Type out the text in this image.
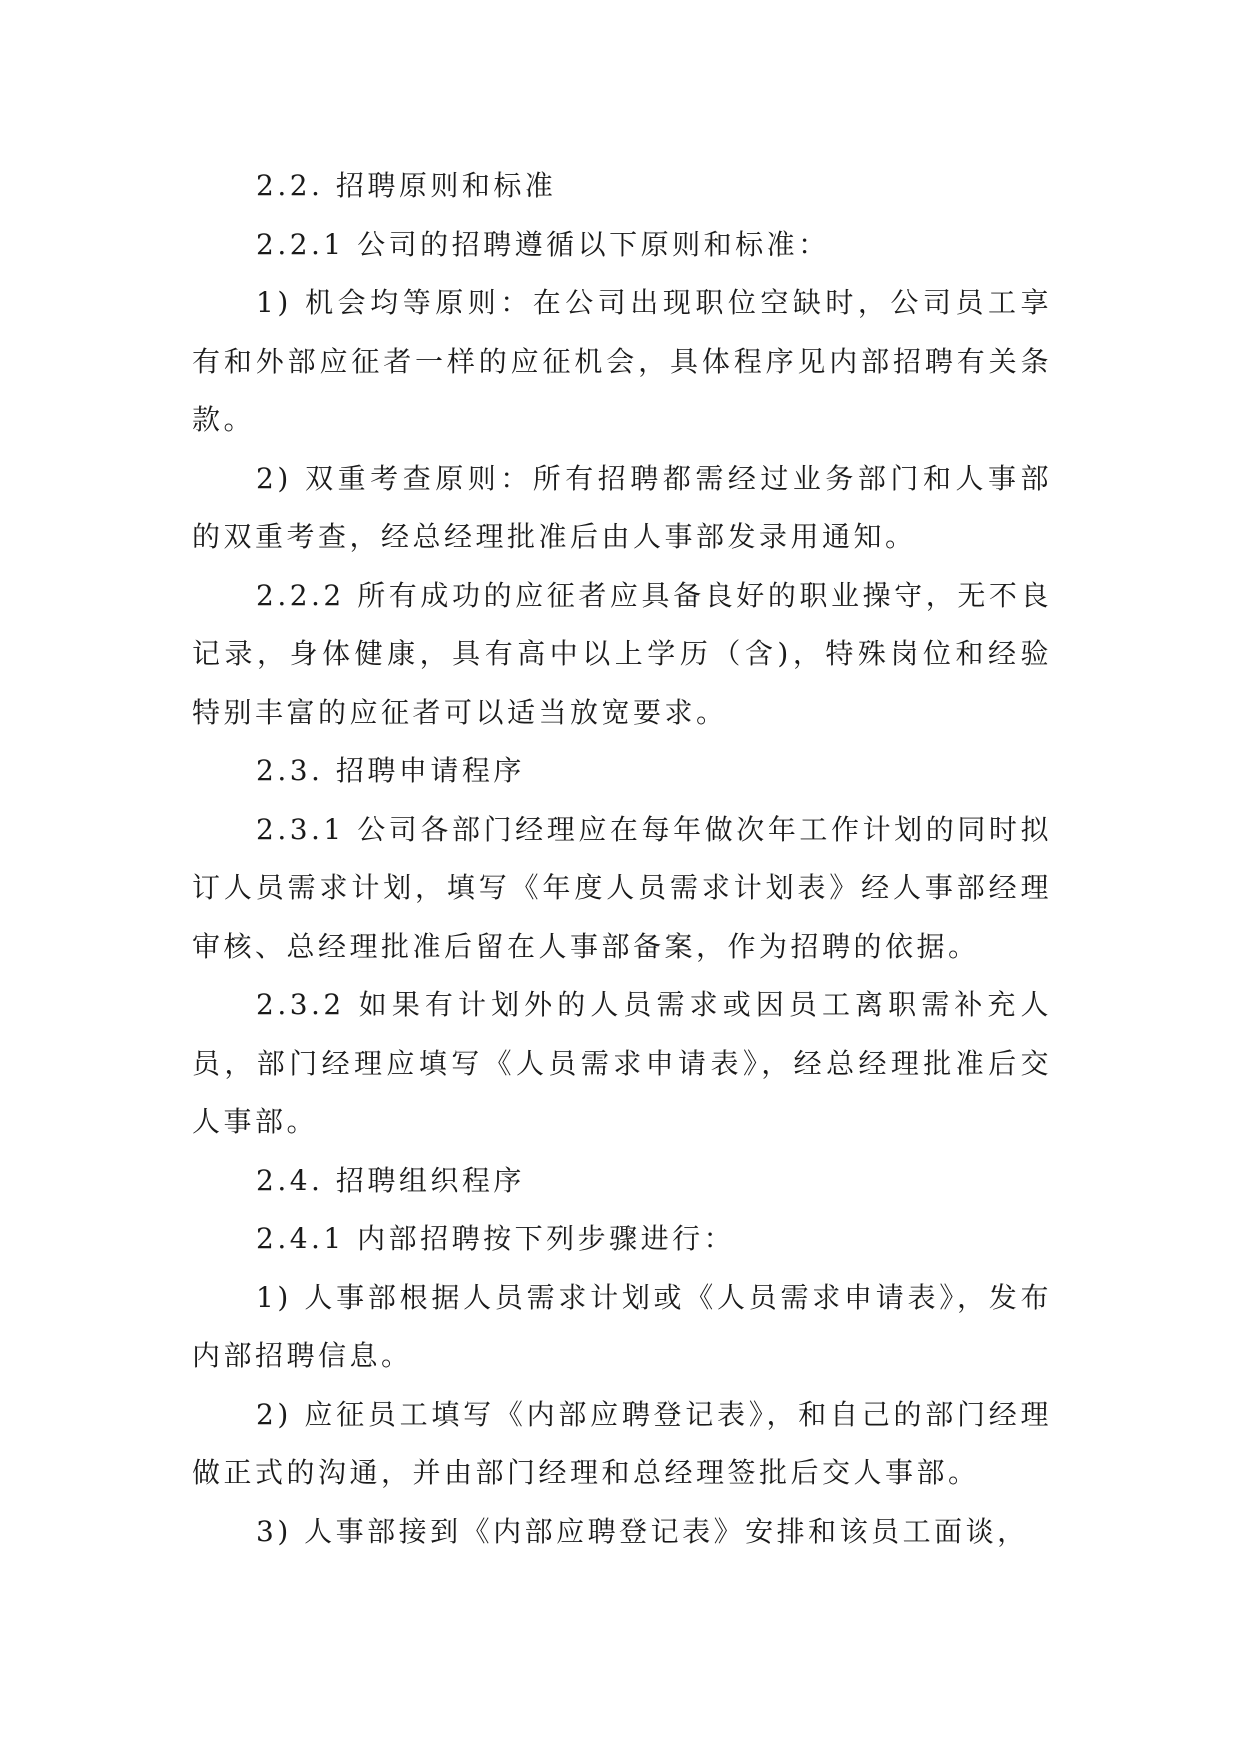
2.2. 招聘原则和标准

2.2.1 公司的招聘遵循以下原则和标准：

1) 机会均等原则：在公司出现职位空缺时，公司员工享有和外部应征者一样的应征机会，具体程序见内部招聘有关条款。

2) 双重考查原则：所有招聘都需经过业务部门和人事部的双重考查，经总经理批准后由人事部发录用通知。

2.2.2 所有成功的应征者应具备良好的职业操守，无不良记录，身体健康，具有高中以上学历（含)，特殊岗位和经验特别丰富的应征者可以适当放宽要求。

2.3. 招聘申请程序

2.3.1 公司各部门经理应在每年做次年工作计划的同时拟订人员需求计划，填写《年度人员需求计划表》经人事部经理审核、总经理批准后留在人事部备案，作为招聘的依据。

2.3.2 如果有计划外的人员需求或因员工离职需补充人员，部门经理应填写《人员需求申请表》，经总经理批准后交人事部。

2.4. 招聘组织程序

2.4.1 内部招聘按下列步骤进行：

1) 人事部根据人员需求计划或《人员需求申请表》，发布内部招聘信息。

2) 应征员工填写《内部应聘登记表》，和自己的部门经理做正式的沟通，并由部门经理和总经理签批后交人事部。

3) 人事部接到《内部应聘登记表》安排和该员工面谈，
